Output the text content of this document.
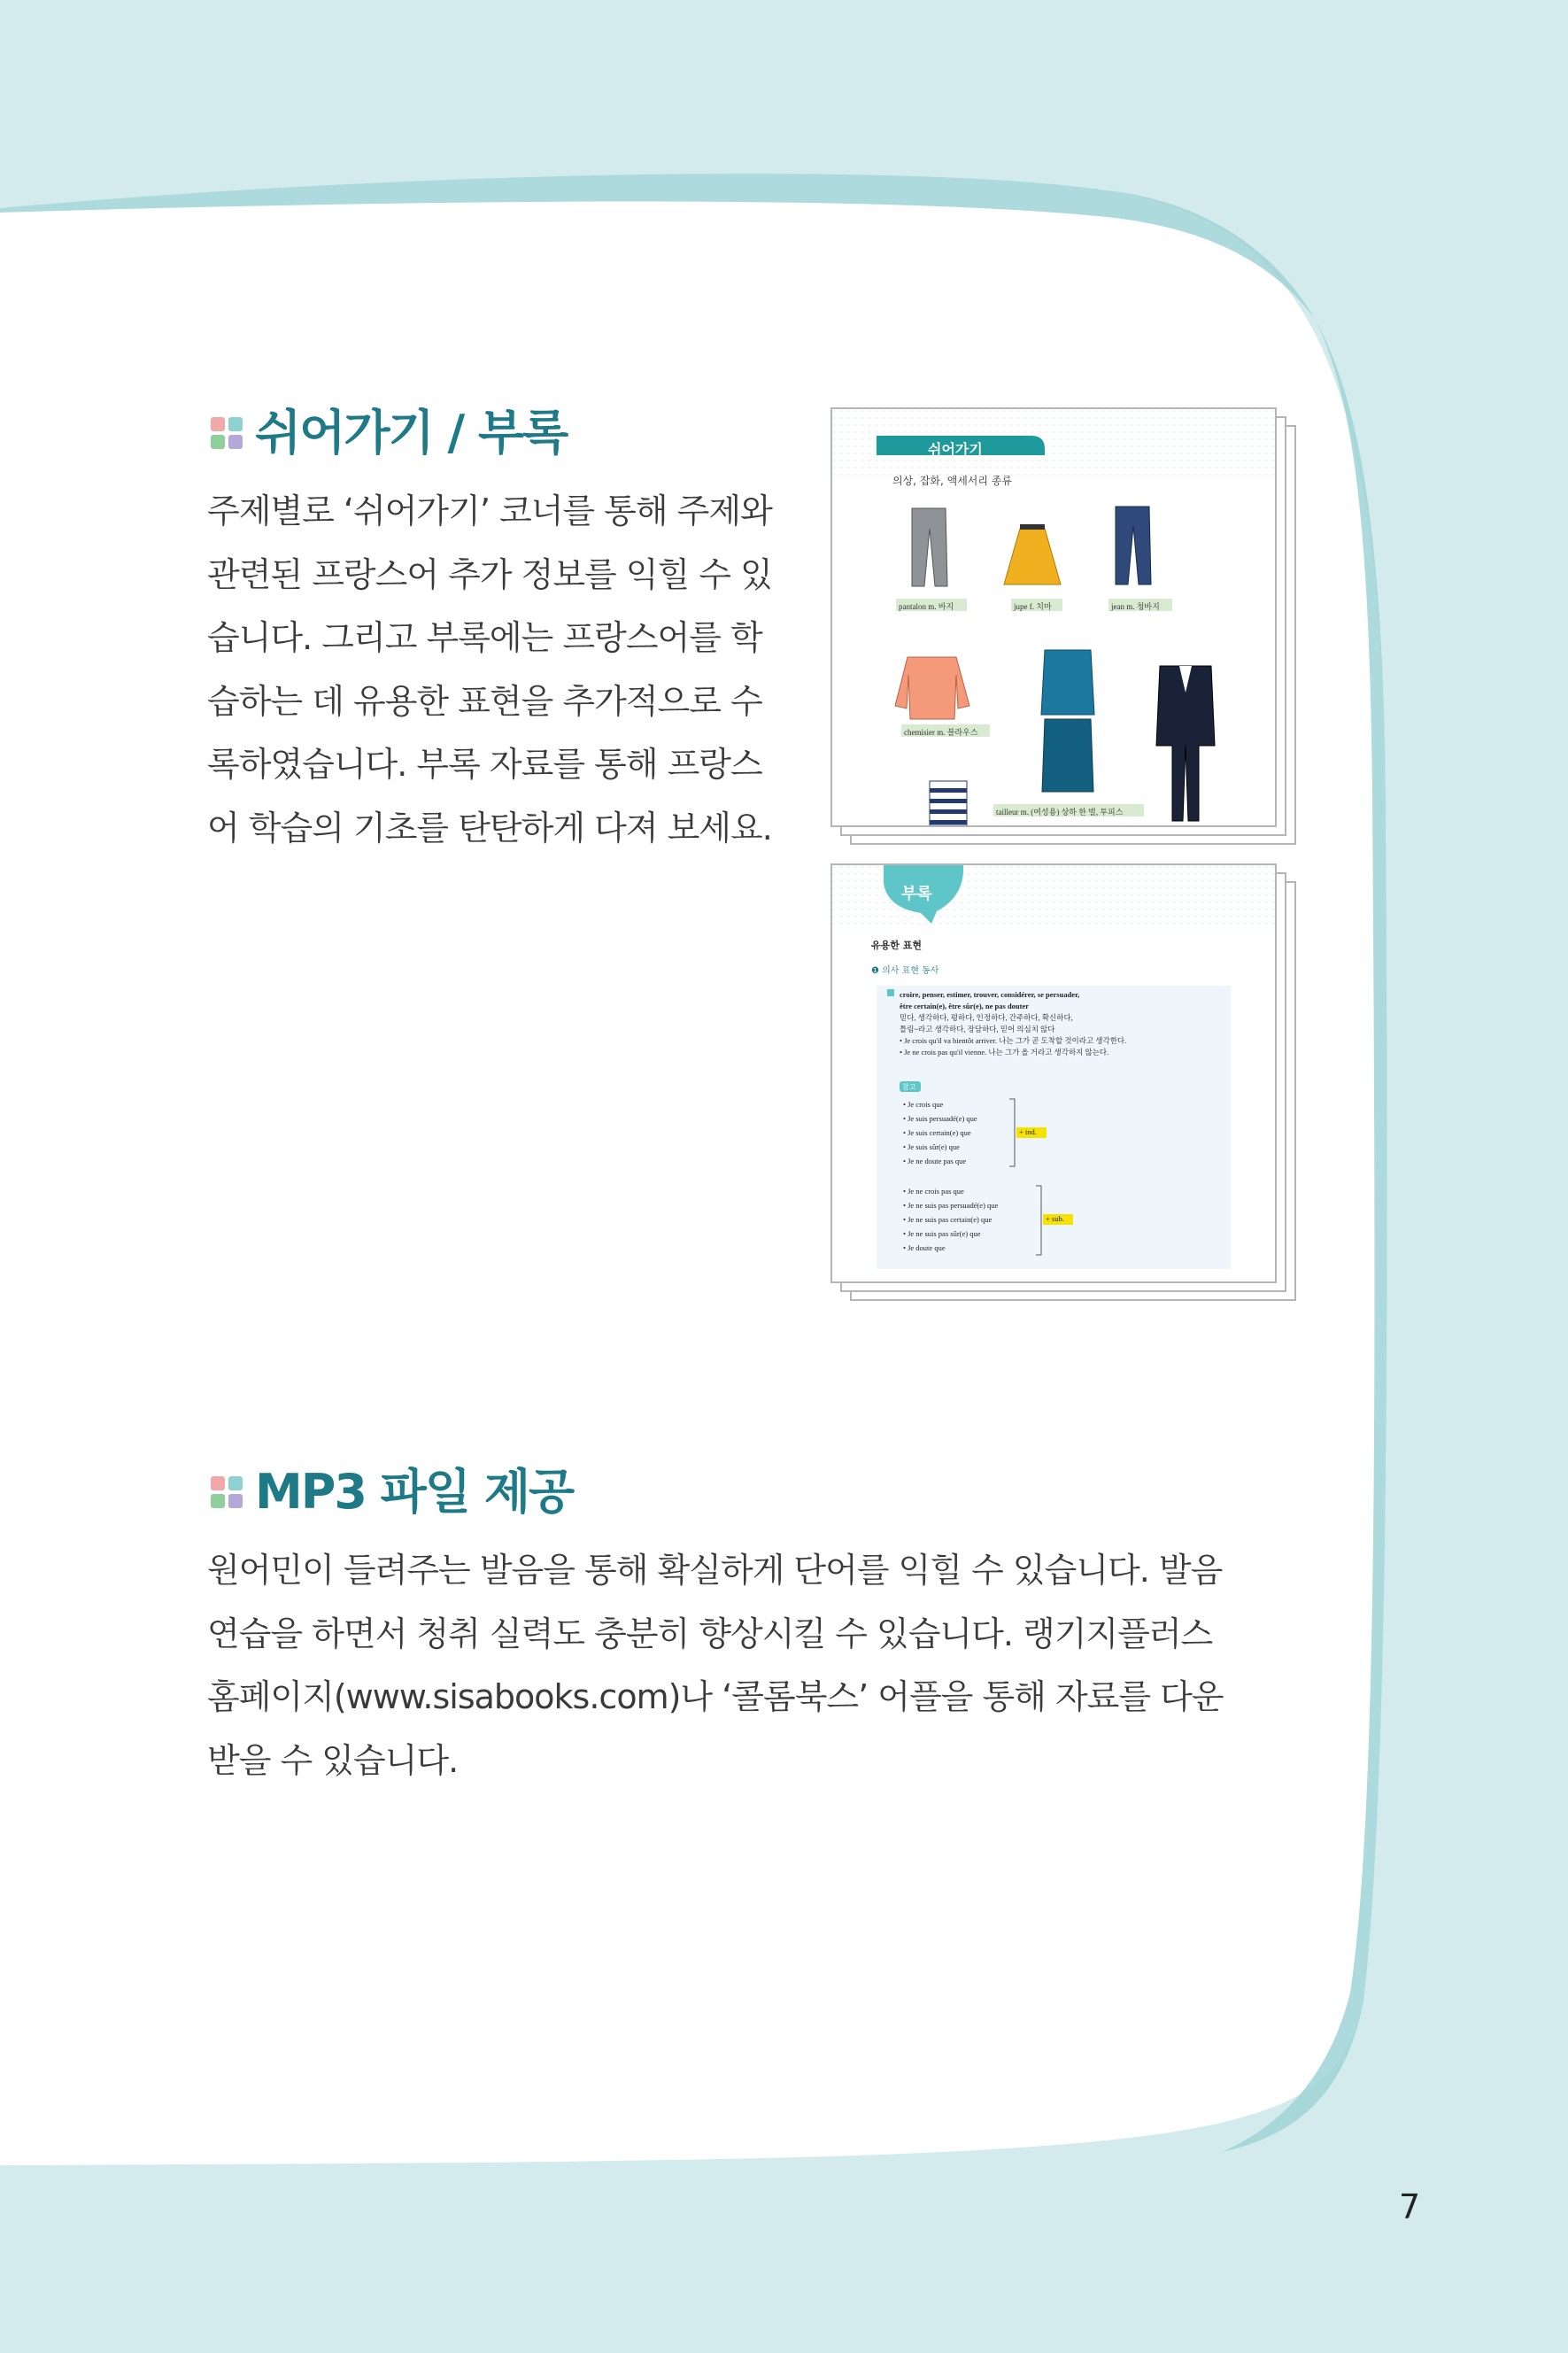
쉬어가기 / 부록
주제별로 ‘쉬어가기’ 코너를 통해 주제와
관련된 프랑스어 추가 정보를 익힐 수 있
습니다. 그리고 부록에는 프랑스어를 학
습하는 데 유용한 표현을 추가적으로 수
록하였습니다. 부록 자료를 통해 프랑스
어 학습의 기초를 탄탄하게 다져 보세요.
쉬어가기
의상, 잡화, 액세서리 종류
pantalon m. 바지	jupe f. 치마	jean m. 청바지
chemisier m. 블라우스
tailleur m. (여성용) 상하 한 벌, 투피스
부록
유용한 표현
❶ 의사 표현 동사
croire, penser, estimer, trouver, considérer, se persuader,
être certain(e), être sûr(e), ne pas douter
믿다, 생각하다, 평하다, 인정하다, 간주하다, 확신하다,
틀림~라고 생각하다, 장담하다, 믿어 의심치 않다
• Je crois qu'il va bientôt arriver. 나는 그가 곧 도착할 것이라고 생각한다.
• Je ne crois pas qu'il vienne. 나는 그가 올 거라고 생각하지 않는다.
참고
• Je crois que
• Je suis persuadé(e) que
• Je suis certain(e) que
• Je suis sûr(e) que
• Je ne doute pas que
+ ind.
• Je ne crois pas que
• Je ne suis pas persuadé(e) que
• Je ne suis pas certain(e) que
• Je ne suis pas sûr(e) que
• Je doute que
+ sub.
MP3 파일 제공
원어민이 들려주는 발음을 통해 확실하게 단어를 익힐 수 있습니다. 발음
연습을 하면서 청취 실력도 충분히 향상시킬 수 있습니다. 랭기지플러스
홈페이지(www.sisabooks.com)나 ‘콜롬북스’ 어플을 통해 자료를 다운
받을 수 있습니다.
7
